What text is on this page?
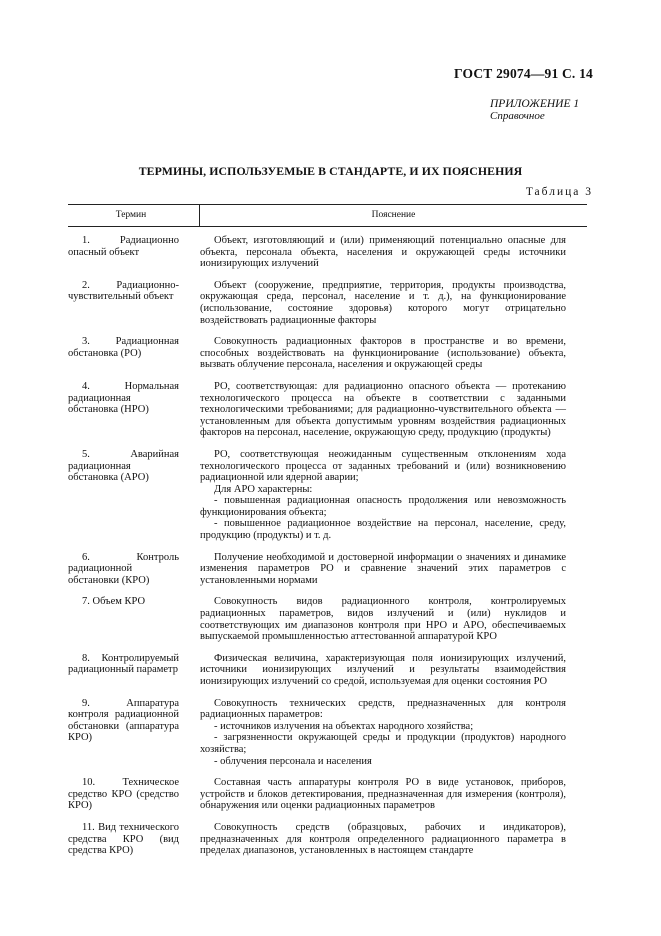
ГОСТ 29074—91 С. 14
ПРИЛОЖЕНИЕ 1
Справочное
ТЕРМИНЫ, ИСПОЛЬЗУЕМЫЕ В СТАНДАРТЕ, И ИХ ПОЯСНЕНИЯ
Таблица 3
Термин	Пояснение
1. Радиационно опасный объект
Объект, изготовляющий и (или) применяющий потенциально опасные для объекта, персонала объекта, населения и окружающей среды источники ионизирующих излучений
2. Радиационно-чувствительный объект
Объект (сооружение, предприятие, территория, продукты производства, окружающая среда, персонал, население и т. д.), на функционирование (использование, состояние здоровья) которого могут отрицательно воздействовать радиационные факторы
3. Радиационная обстановка (РО)
Совокупность радиационных факторов в пространстве и во времени, способных воздействовать на функционирование (использование) объекта, вызвать облучение персонала, населения и окружающей среды
4. Нормальная радиационная обстановка (НРО)
РО, соответствующая: для радиационно опасного объекта — протеканию технологического процесса на объекте в соответствии с заданными технологическими требованиями; для радиационно-чувствительного объекта — установленным для объекта допустимым уровням воздействия радиационных факторов на персонал, население, окружающую среду, продукцию (продукты)
5. Аварийная радиационная обстановка (АРО)
РО, соответствующая неожиданным существенным отклонениям хода технологического процесса от заданных требований и (или) возникновению радиационной или ядерной аварии;
Для АРО характерны:
- повышенная радиационная опасность продолжения или невозможность функционирования объекта;
- повышенное радиационное воздействие на персонал, население, среду, продукцию (продукты) и т. д.
6. Контроль радиационной обстановки (КРО)
Получение необходимой и достоверной информации о значениях и динамике изменения параметров РО и сравнение значений этих параметров с установленными нормами
7. Объем КРО	Совокупность видов радиационного контроля, контролируемых радиационных параметров, видов излучений и (или) нуклидов и соответствующих им диапазонов контроля при НРО и АРО, обеспечиваемых выпускаемой промышленностью аттестованной аппаратурой КРО
8. Контролируемый радиационный параметр
Физическая величина, характеризующая поля ионизирующих излучений, источники ионизирующих излучений и результаты взаимодействия ионизирующих излучений со средой, используемая для оценки состояния РО
9. Аппаратура контроля радиационной обстановки (аппаратура КРО)
Совокупность технических средств, предназначенных для контроля радиационных параметров:
- источников излучения на объектах народного хозяйства;
- загрязненности окружающей среды и продукции (продуктов) народного хозяйства;
- облучения персонала и населения
10. Техническое средство КРО (средство КРО)
Составная часть аппаратуры контроля РО в виде установок, приборов, устройств и блоков детектирования, предназначенная для измерения (контроля), обнаружения или оценки радиационных параметров
11. Вид технического средства КРО (вид средства КРО)
Совокупность средств (образцовых, рабочих и индикаторов), предназначенных для контроля определенного радиационного параметра в пределах диапазонов, установленных в настоящем стандарте
